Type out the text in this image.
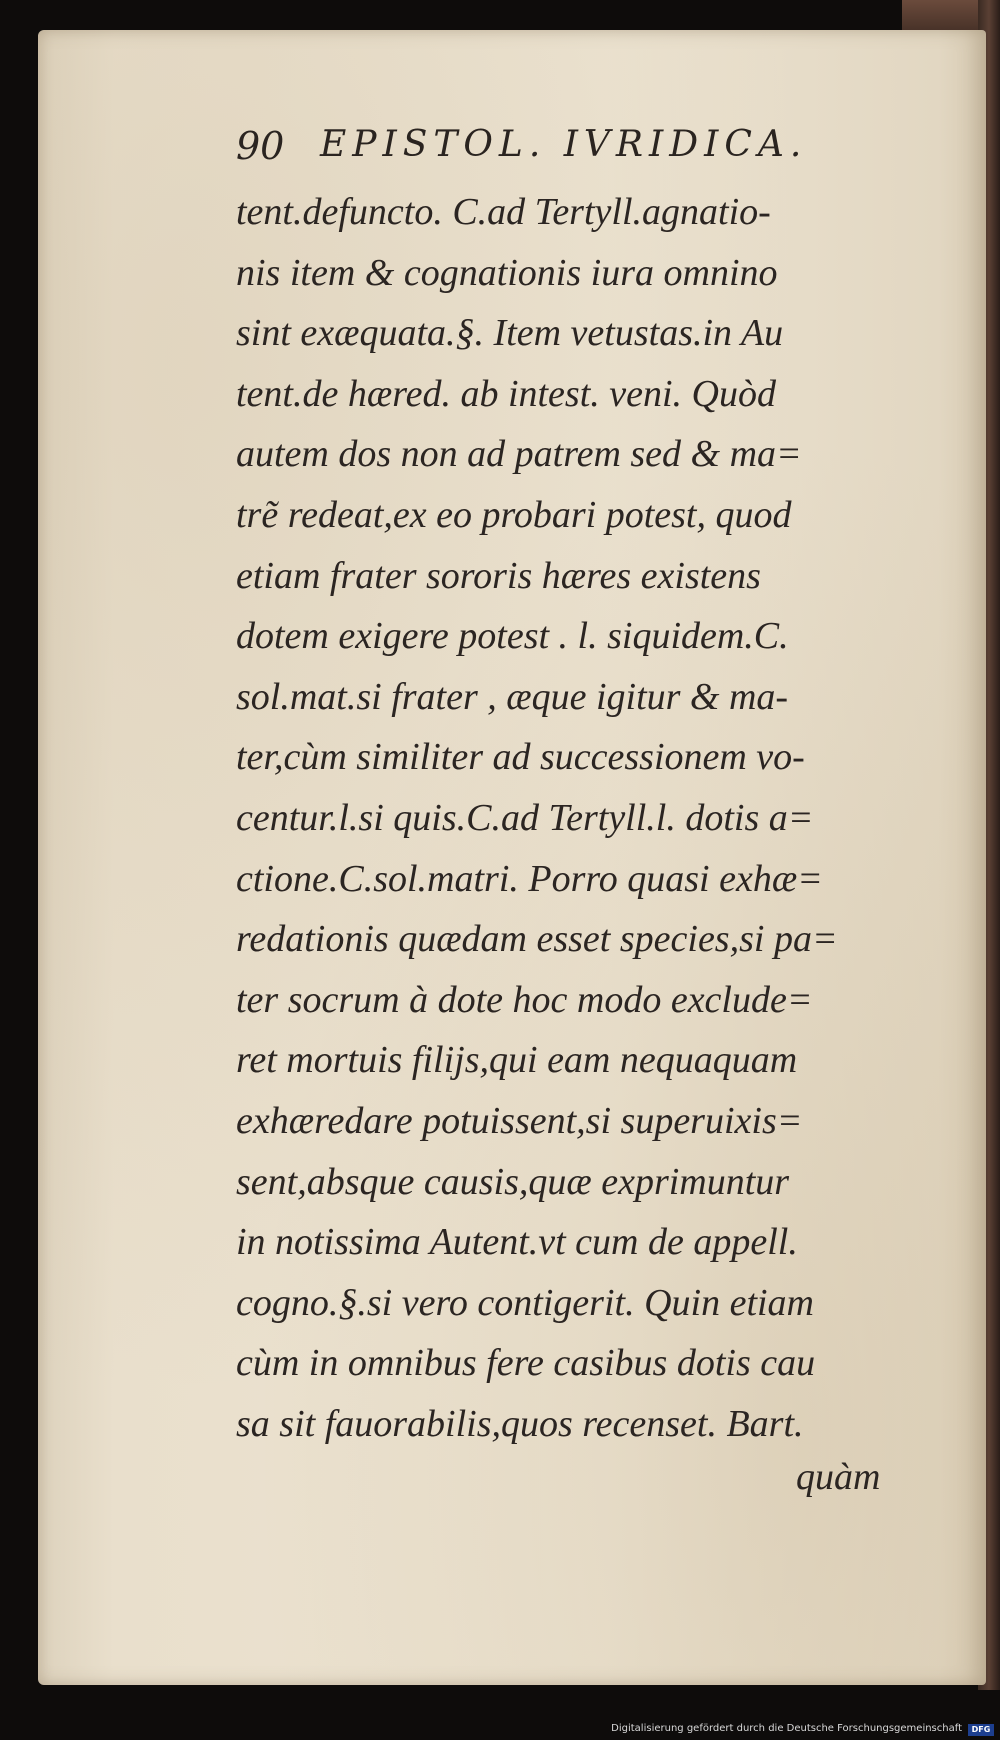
90 EPISTOL. IVRIDICA.
tent.defuncto. C.ad Tertyll.agnatio-
nis item & cognationis iura omnino
sint exæquata.§. Item vetustas.in Au
tent.de hæred. ab intest. veni. Quòd
autem dos non ad patrem sed & ma=
trẽ redeat,ex eo probari potest, quod
etiam frater sororis hæres existens
dotem exigere potest . l. siquidem.C.
sol.mat.si frater , æque igitur & ma-
ter,cùm similiter ad successionem vo-
centur.l.si quis.C.ad Tertyll.l. dotis a=
ctione.C.sol.matri. Porro quasi exhæ=
redationis quædam esset species,si pa=
ter socrum à dote hoc modo exclude=
ret mortuis filijs,qui eam nequaquam
exhæredare potuissent,si superuixis=
sent,absque causis,quæ exprimuntur
in notissima Autent.vt cum de appell.
cogno.§.si vero contigerit. Quin etiam
cùm in omnibus fere casibus dotis cau
sa sit fauorabilis,quos recenset. Bart.
quàm
Digitalisierung gefördert durch die Deutsche Forschungsgemeinschaft	DFG
